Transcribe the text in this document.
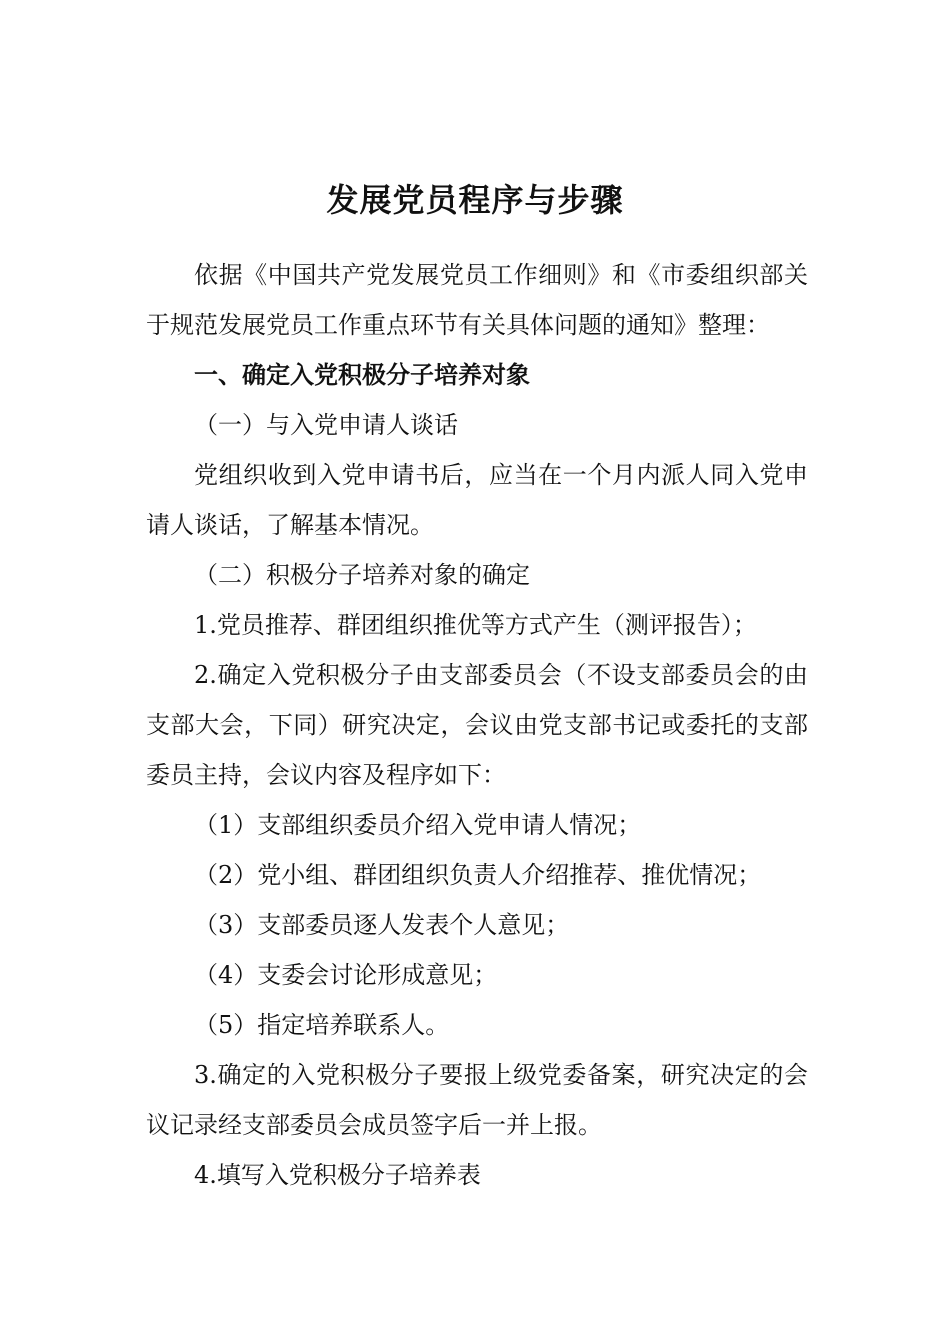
发展党员程序与步骤

依据《中国共产党发展党员工作细则》和《市委组织部关于规范发展党员工作重点环节有关具体问题的通知》整理：

一、确定入党积极分子培养对象

（一）与入党申请人谈话

党组织收到入党申请书后，应当在一个月内派人同入党申请人谈话，了解基本情况。

（二）积极分子培养对象的确定

1.党员推荐、群团组织推优等方式产生（测评报告）；

2.确定入党积极分子由支部委员会（不设支部委员会的由支部大会，下同）研究决定，会议由党支部书记或委托的支部委员主持，会议内容及程序如下：

（1）支部组织委员介绍入党申请人情况；

（2）党小组、群团组织负责人介绍推荐、推优情况；

（3）支部委员逐人发表个人意见；

（4）支委会讨论形成意见；

（5）指定培养联系人。

3.确定的入党积极分子要报上级党委备案，研究决定的会议记录经支部委员会成员签字后一并上报。

4.填写入党积极分子培养表
